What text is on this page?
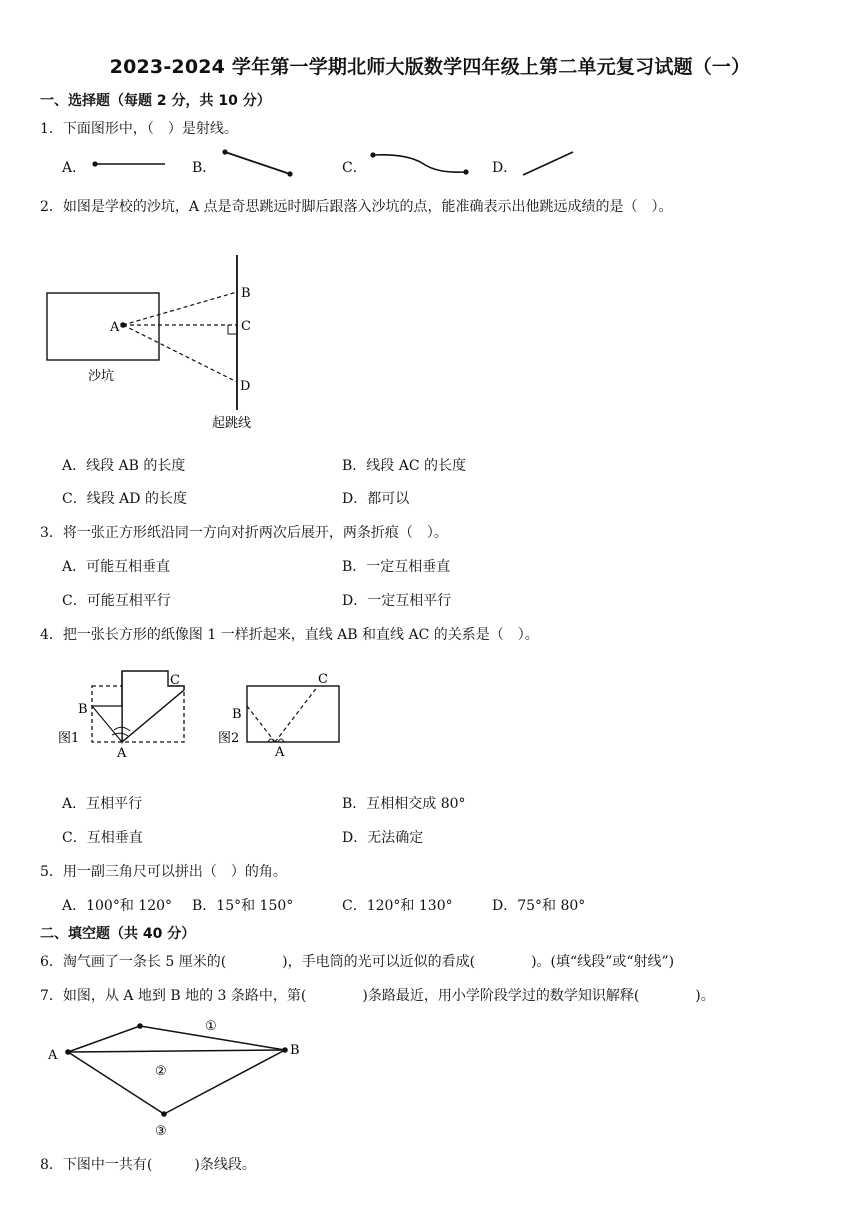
2023-2024 学年第一学期北师大版数学四年级上第二单元复习试题（一）
一、选择题（每题 2 分，共 10 分）
1．下面图形中，（　）是射线。
A．	B．	C．	D．
2．如图是学校的沙坑，A 点是奇思跳远时脚后跟落入沙坑的点，能准确表示出他跳远成绩的是（　）。
A
B
C
D
沙坑
起跳线
A．线段 AB 的长度	B．线段 AC 的长度
C．线段 AD 的长度	D．都可以
3．将一张正方形纸沿同一方向对折两次后展开，两条折痕（　）。
A．可能互相垂直	B．一定互相垂直
C．可能互相平行	D．一定互相平行
4．把一张长方形的纸像图 1 一样折起来，直线 AB 和直线 AC 的关系是（　）。
B
C
A
图1
B
C
A
图2
A．互相平行	B．互相相交成 80°
C．互相垂直	D．无法确定
5．用一副三角尺可以拼出（　）的角。
A．100°和 120° B．15°和 150°	C．120°和 130°	D．75°和 80°
二、填空题（共 40 分）
6．淘气画了一条长 5 厘米的(　　　　)，手电筒的光可以近似的看成(　　　　)。(填“线段”或“射线”)
7．如图，从 A 地到 B 地的 3 条路中，第(　　　　)条路最近，用小学阶段学过的数学知识解释(　　　　)。
A	B
①
②
③
8．下图中一共有(　　　)条线段。
